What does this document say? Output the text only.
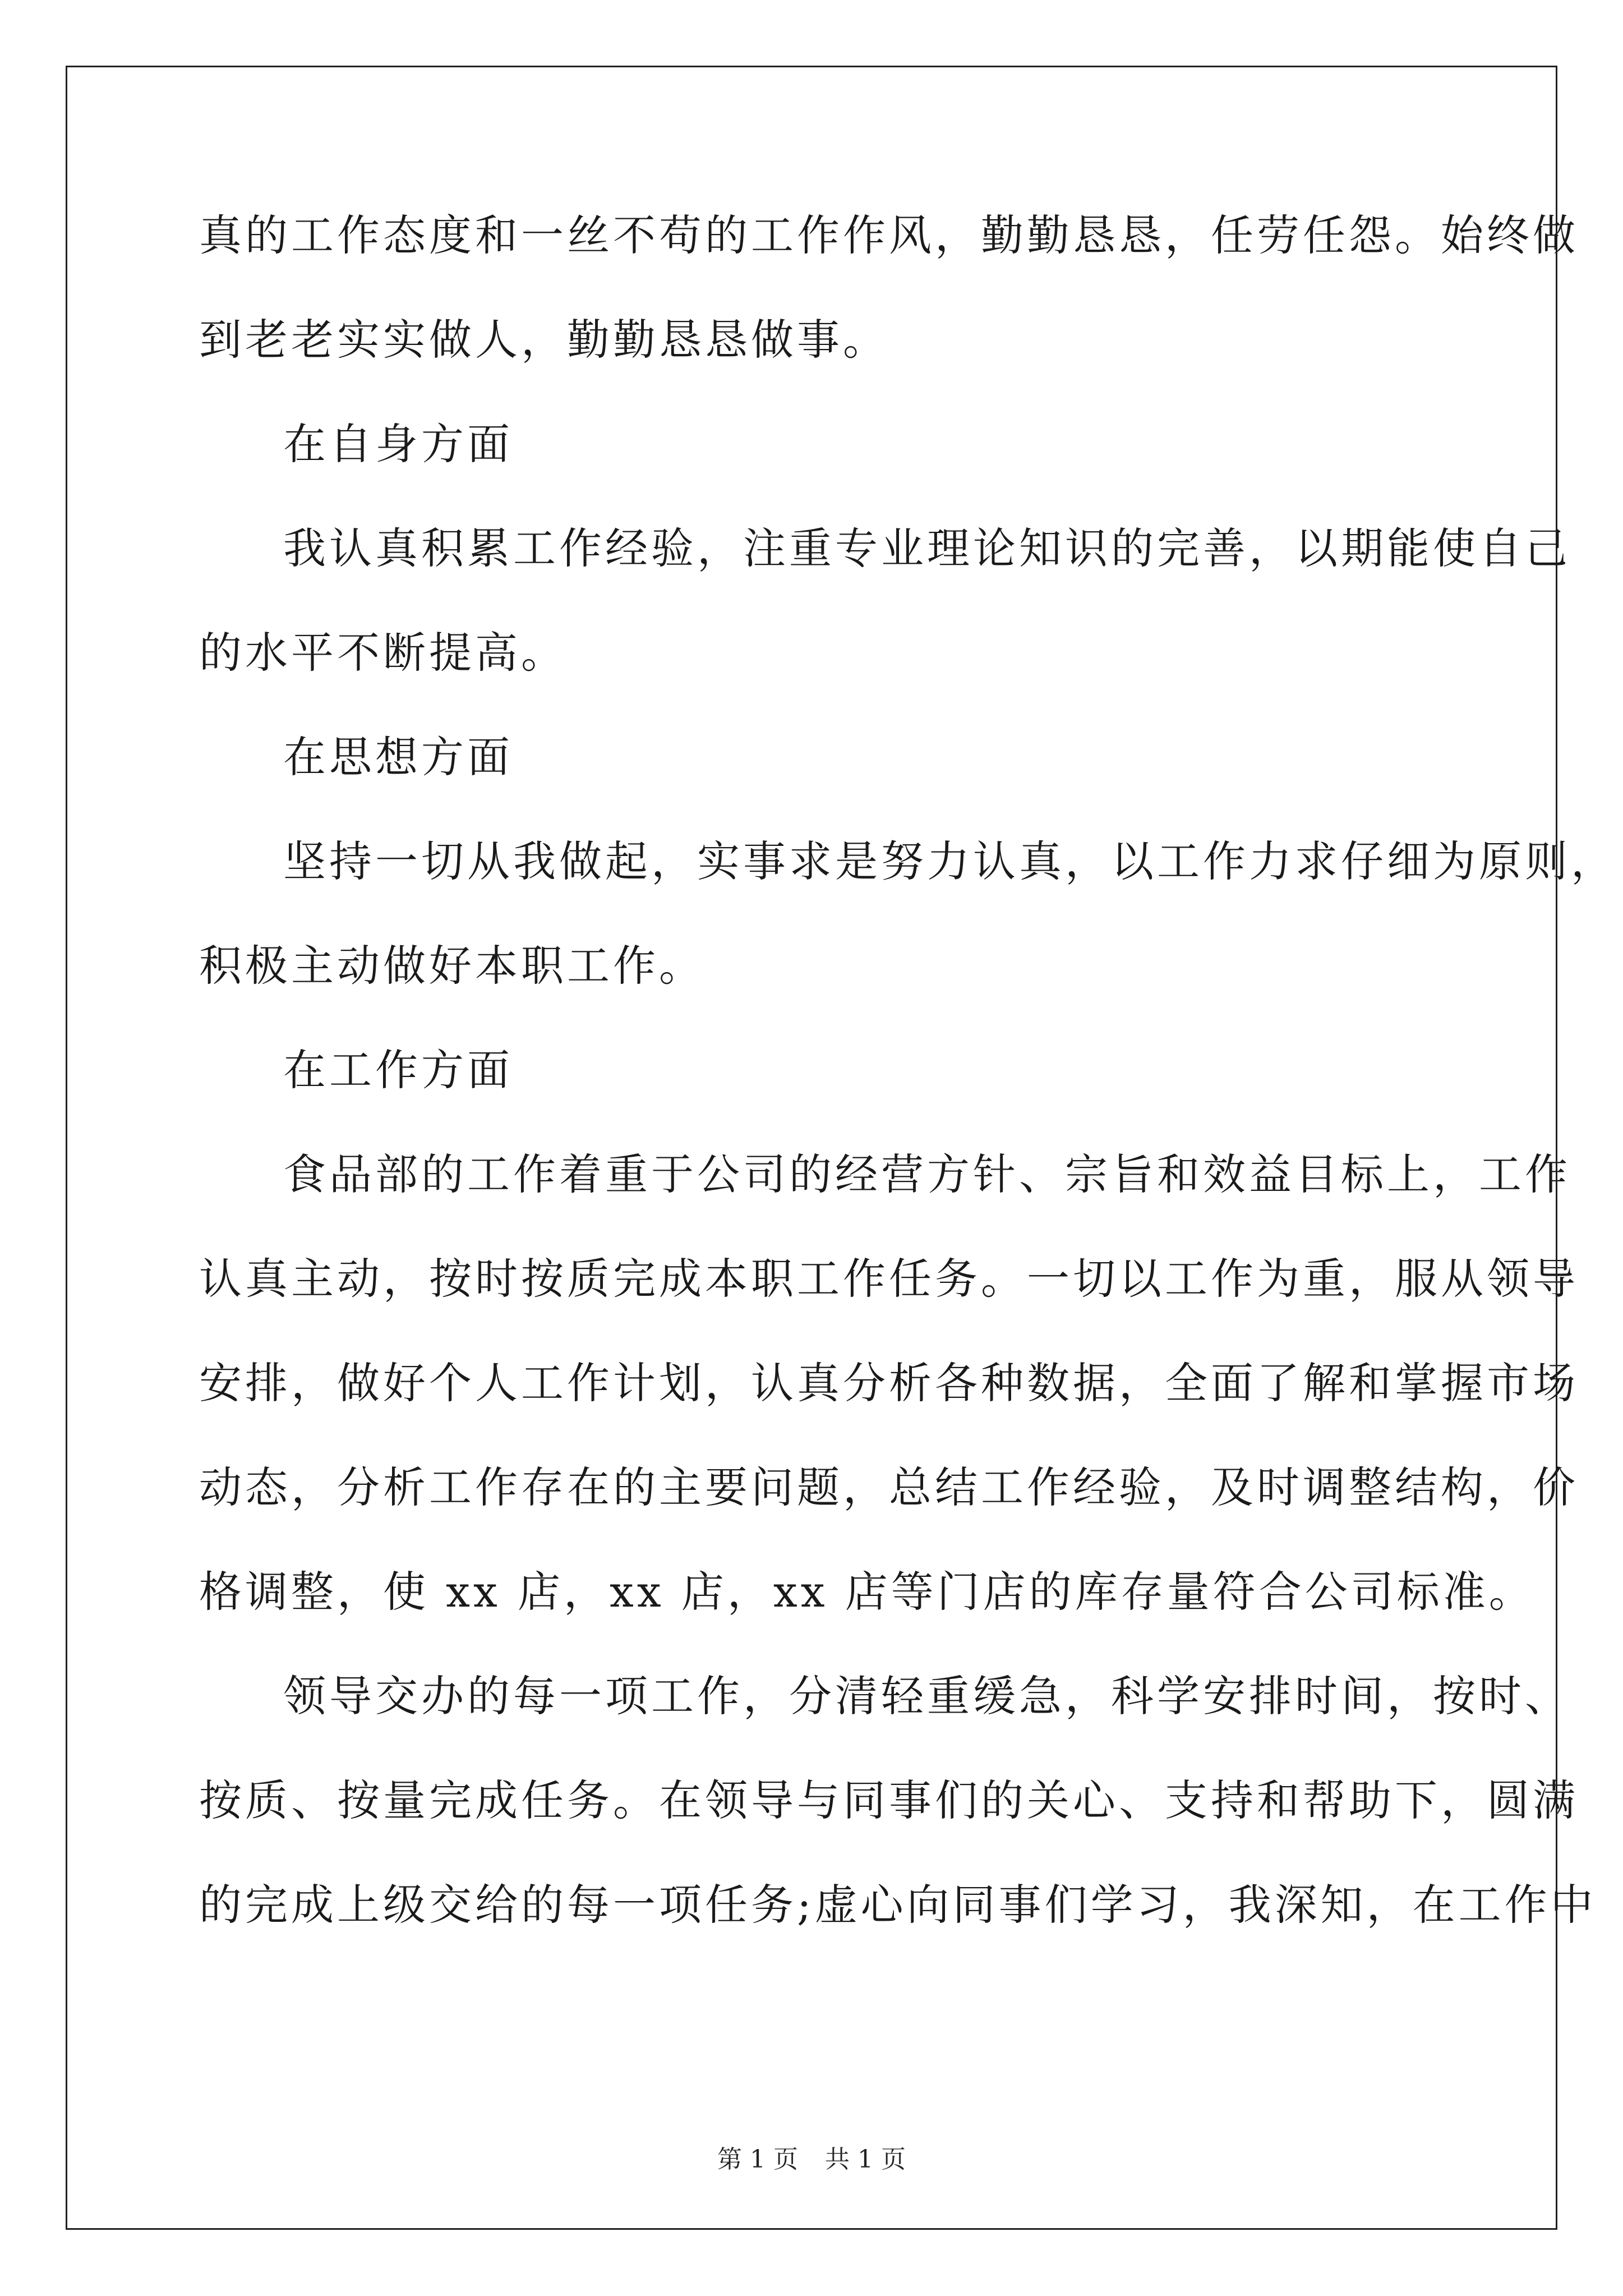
真的工作态度和一丝不苟的工作作风，勤勤恳恳，任劳任怨。始终做
到老老实实做人，勤勤恳恳做事。
在自身方面
我认真积累工作经验，注重专业理论知识的完善，以期能使自己
的水平不断提高。
在思想方面
坚持一切从我做起，实事求是努力认真，以工作力求仔细为原则，
积极主动做好本职工作。
在工作方面
食品部的工作着重于公司的经营方针、宗旨和效益目标上，工作
认真主动，按时按质完成本职工作任务。一切以工作为重，服从领导
安排，做好个人工作计划，认真分析各种数据，全面了解和掌握市场
动态，分析工作存在的主要问题，总结工作经验，及时调整结构，价
格调整，使 xx 店，xx 店，xx 店等门店的库存量符合公司标准。
领导交办的每一项工作，分清轻重缓急，科学安排时间，按时、
按质、按量完成任务。在领导与同事们的关心、支持和帮助下，圆满
的完成上级交给的每一项任务;虚心向同事们学习，我深知，在工作中
第 1 页 共 1 页
